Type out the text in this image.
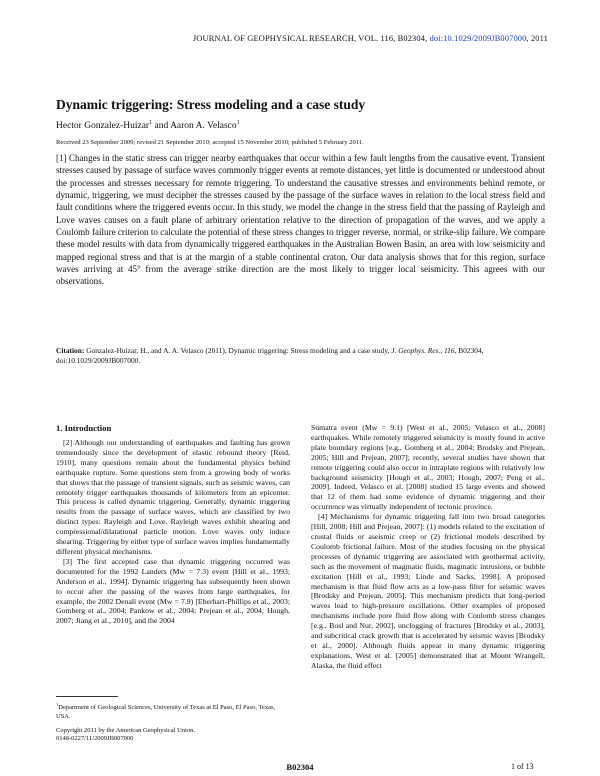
JOURNAL OF GEOPHYSICAL RESEARCH, VOL. 116, B02304, doi:10.1029/2009JB007000, 2011
Dynamic triggering: Stress modeling and a case study
Hector Gonzalez-Huizar$^1$ and Aaron A. Velasco$^1$
Received 23 September 2009; revised 21 September 2010; accepted 15 November 2010; published 5 February 2011.
[1] Changes in the static stress can trigger nearby earthquakes that occur within a few fault lengths from the causative event. Transient stresses caused by passage of surface waves commonly trigger events at remote distances, yet little is documented or understood about the processes and stresses necessary for remote triggering. To understand the causative stresses and environments behind remote, or dynamic, triggering, we must decipher the stresses caused by the passage of the surface waves in relation to the local stress field and fault conditions where the triggered events occur. In this study, we model the change in the stress field that the passing of Rayleigh and Love waves causes on a fault plane of arbitrary orientation relative to the direction of propagation of the waves, and we apply a Coulomb failure criterion to calculate the potential of these stress changes to trigger reverse, normal, or strike-slip failure. We compare these model results with data from dynamically triggered earthquakes in the Australian Bowen Basin, an area with low seismicity and mapped regional stress and that is at the margin of a stable continental craton. Our data analysis shows that for this region, surface waves arriving at 45° from the average strike direction are the most likely to trigger local seismicity. This agrees with our observations.
Citation: Gonzalez-Huizar, H., and A. A. Velasco (2011), Dynamic triggering: Stress modeling and a case study, J. Geophys. Res., 116, B02304, doi:10.1029/2009JB007000.
1. Introduction

[2] Although our understanding of earthquakes and faulting has grown tremendously since the development of elastic rebound theory [Reid, 1910], many questions remain about the fundamental physics behind earthquake rupture. Some questions stem from a growing body of works that shows that the passage of transient signals, such as seismic waves, can remotely trigger earthquakes thousands of kilometers from an epicenter. This process is called dynamic triggering. Generally, dynamic triggering results from the passage of surface waves, which are classified by two distinct types: Rayleigh and Love. Rayleigh waves exhibit shearing and compressional/dilatational particle motion. Love waves only induce shearing. Triggering by either type of surface waves implies fundamentally different physical mechanisms.

[3] The first accepted case that dynamic triggering occurred was documented for the 1992 Landers (Mw = 7.3) event [Hill et al., 1993; Anderson et al., 1994]. Dynamic triggering has subsequently been shown to occur after the passing of the waves from large earthquakes, for example, the 2002 Denali event (Mw = 7.9) [Eberhart-Phillips et al., 2003; Gomberg et al., 2004; Pankow et al., 2004; Prejean et al., 2004; Hough, 2007; Jiang et al., 2010], and the 2004

Sumatra event (Mw = 9.1) [West et al., 2005; Velasco et al., 2008] earthquakes. While remotely triggered seismicity is mostly found in active plate boundary regions [e.g., Gomberg et al., 2004; Brodsky and Prejean, 2005; Hill and Prejean, 2007]; recently, several studies have shown that remote triggering could also occur in intraplate regions with relatively low background seismicity [Hough et al., 2003; Hough, 2007; Peng et al., 2009]. Indeed, Velasco et al. [2008] studied 15 large events and showed that 12 of them had some evidence of dynamic triggering and their occurrence was virtually independent of tectonic province.

[4] Mechanisms for dynamic triggering fall into two broad categories [Hill, 2008; Hill and Prejean, 2007]: (1) models related to the excitation of crustal fluids or aseismic creep or (2) frictional models described by Coulomb frictional failure. Most of the studies focusing on the physical processes of dynamic triggering are associated with geothermal activity, such as the movement of magmatic fluids, magmatic intrusions, or bubble excitation [Hill et al., 1993; Linde and Sacks, 1998]. A proposed mechanism is that fluid flow acts as a low-pass filter for seismic waves [Brodsky and Prejean, 2005]. This mechanism predicts that long-period waves lead to high-pressure oscillations. Other examples of proposed mechanisms include pore fluid flow along with Coulomb stress changes [e.g., Bosl and Nur, 2002], unclogging of fractures [Brodsky et al., 2003], and subcritical crack growth that is accelerated by seismic waves [Brodsky et al., 2000]. Although fluids appear in many dynamic triggering explanations, West et al. [2005] demonstrated that at Mount Wrangell, Alaska, the fluid effect

$^1$Department of Geological Sciences, University of Texas at El Paso, El Paso, Texas, USA.
Copyright 2011 by the American Geophysical Union.
0148-0227/11/2009JB007000
B02304	1 of 13
